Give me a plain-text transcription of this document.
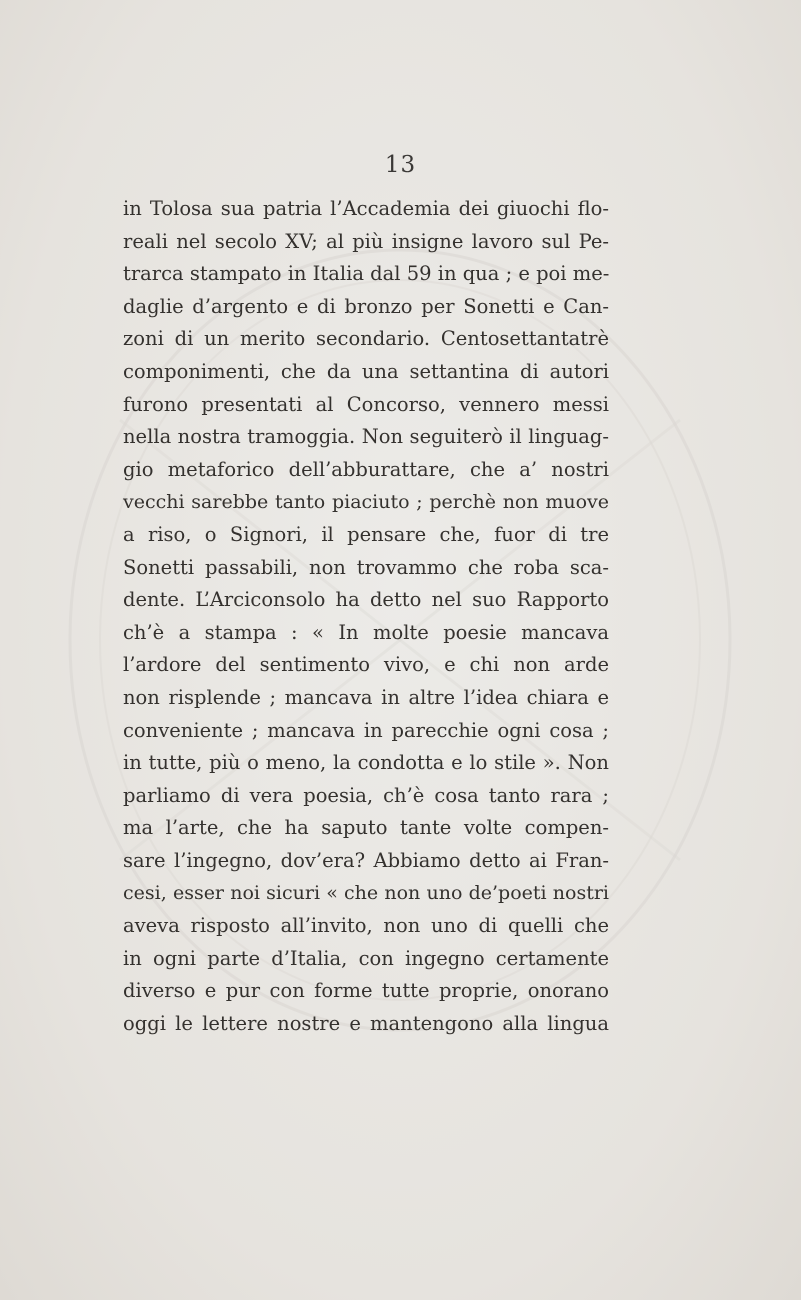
13
in Tolosa sua patria l’Accademia dei giuochi flo-
reali nel secolo XV; al più insigne lavoro sul Pe-
trarca stampato in Italia dal 59 in qua ; e poi me-
daglie d’argento e di bronzo per Sonetti e Can-
zoni di un merito secondario. Centosettantatrè
componimenti, che da una settantina di autori
furono presentati al Concorso, vennero messi
nella nostra tramoggia. Non seguiterò il linguag-
gio metaforico dell’abburattare, che a’ nostri
vecchi sarebbe tanto piaciuto ; perchè non muove
a riso, o Signori, il pensare che, fuor di tre
Sonetti passabili, non trovammo che roba sca-
dente. L’Arciconsolo ha detto nel suo Rapporto
ch’è a stampa : « In molte poesie mancava
l’ardore del sentimento vivo, e chi non arde
non risplende ; mancava in altre l’idea chiara e
conveniente ; mancava in parecchie ogni cosa ;
in tutte, più o meno, la condotta e lo stile ». Non
parliamo di vera poesia, ch’è cosa tanto rara ;
ma l’arte, che ha saputo tante volte compen-
sare l’ingegno, dov’era? Abbiamo detto ai Fran-
cesi, esser noi sicuri « che non uno de’poeti nostri
aveva risposto all’invito, non uno di quelli che
in ogni parte d’Italia, con ingegno certamente
diverso e pur con forme tutte proprie, onorano
oggi le lettere nostre e mantengono alla lingua
